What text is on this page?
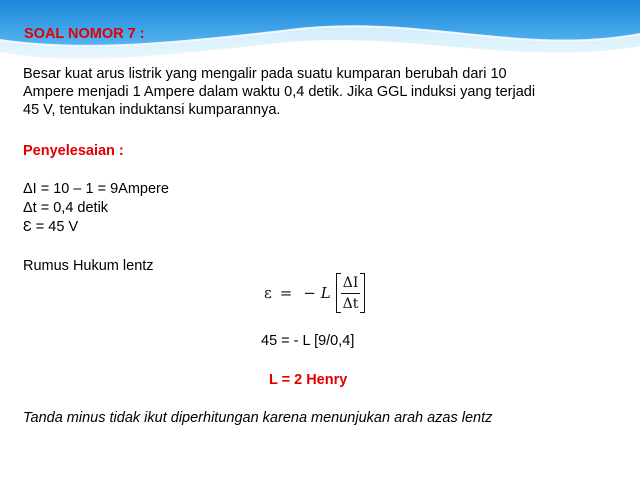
SOAL NOMOR 7 :
Besar kuat arus listrik yang mengalir pada suatu kumparan berubah dari 10
Ampere menjadi 1 Ampere dalam waktu 0,4 detik. Jika GGL induksi yang terjadi
45 V, tentukan induktansi kumparannya.
Penyelesaian :
ΔI = 10 – 1 = 9Ampere
Δt = 0,4 detik
Ɛ = 45 V
Rumus Hukum lentz
ε = − L $\frac{\Delta I}{\Delta t}$
45 = - L [9/0,4]
L = 2 Henry
Tanda minus tidak ikut diperhitungan karena menunjukan arah azas lentz
